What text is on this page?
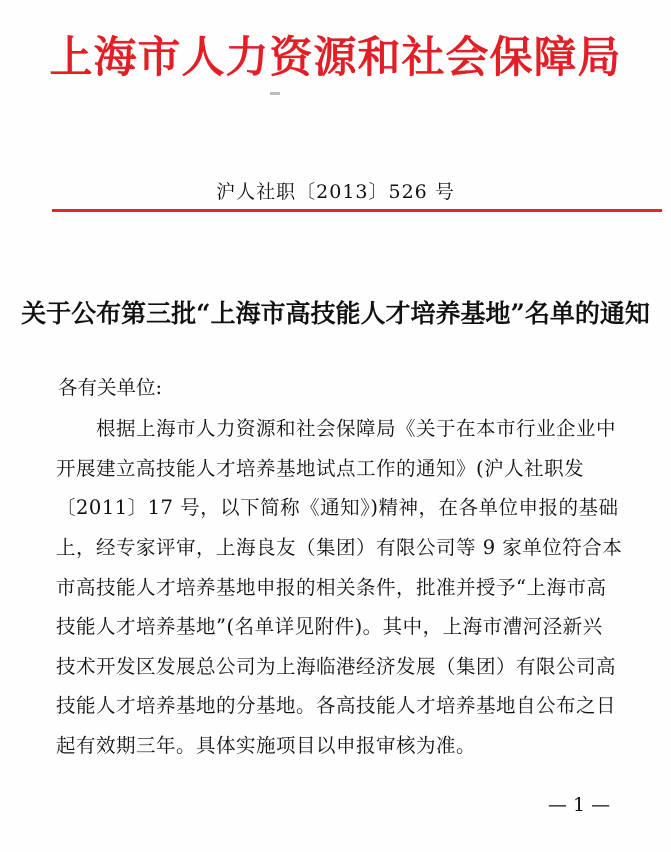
上海市人力资源和社会保障局
沪人社职〔2013〕526 号
关于公布第三批“上海市高技能人才培养基地”名单的通知
各有关单位:
　　根据上海市人力资源和社会保障局《关于在本市行业企业中
开展建立高技能人才培养基地试点工作的通知》(沪人社职发
〔2011〕17 号，以下简称《通知》)精神，在各单位申报的基础
上，经专家评审，上海良友（集团）有限公司等 9 家单位符合本
市高技能人才培养基地申报的相关条件，批准并授予“上海市高
技能人才培养基地”(名单详见附件)。其中，上海市漕河泾新兴
技术开发区发展总公司为上海临港经济发展（集团）有限公司高
技能人才培养基地的分基地。各高技能人才培养基地自公布之日
起有效期三年。具体实施项目以申报审核为准。
— 1 —
